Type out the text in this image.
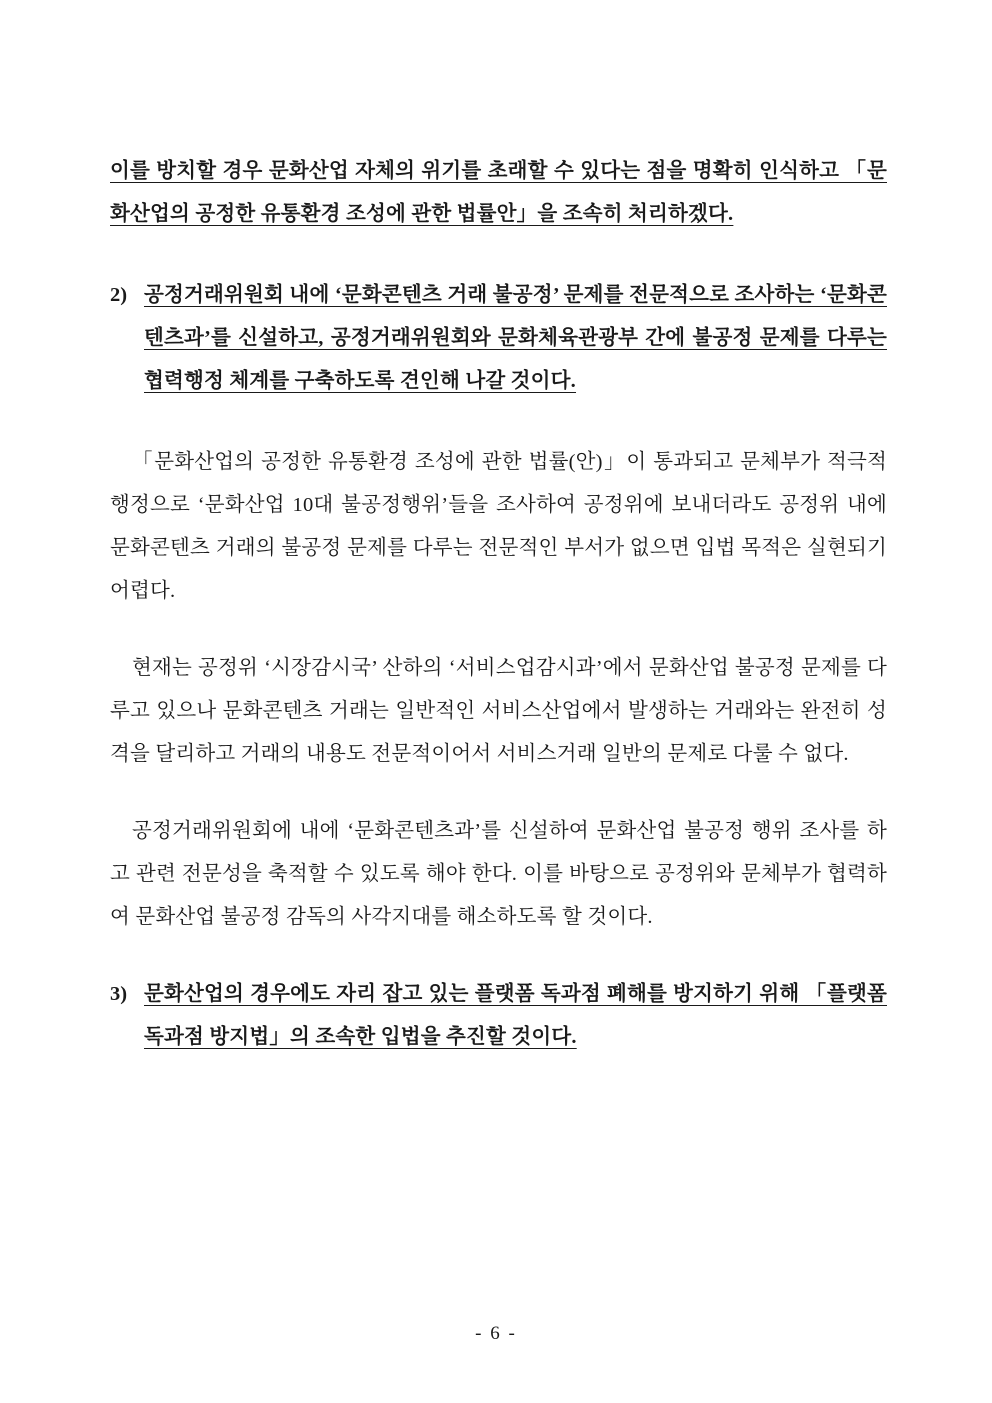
이를 방치할 경우 문화산업 자체의 위기를 초래할 수 있다는 점을 명확히 인식하고 「문화산업의 공정한 유통환경 조성에 관한 법률안」을 조속히 처리하겠다.

2) 공정거래위원회 내에 ‘문화콘텐츠 거래 불공정’ 문제를 전문적으로 조사하는 ‘문화콘텐츠과’를 신설하고, 공정거래위원회와 문화체육관광부 간에 불공정 문제를 다루는 협력행정 체계를 구축하도록 견인해 나갈 것이다.

「문화산업의 공정한 유통환경 조성에 관한 법률(안)」이 통과되고 문체부가 적극적 행정으로 ‘문화산업 10대 불공정행위’들을 조사하여 공정위에 보내더라도 공정위 내에 문화콘텐츠 거래의 불공정 문제를 다루는 전문적인 부서가 없으면 입법 목적은 실현되기 어렵다.

현재는 공정위 ‘시장감시국’ 산하의 ‘서비스업감시과’에서 문화산업 불공정 문제를 다루고 있으나 문화콘텐츠 거래는 일반적인 서비스산업에서 발생하는 거래와는 완전히 성격을 달리하고 거래의 내용도 전문적이어서 서비스거래 일반의 문제로 다룰 수 없다.

공정거래위원회에 내에 ‘문화콘텐츠과’를 신설하여 문화산업 불공정 행위 조사를 하고 관련 전문성을 축적할 수 있도록 해야 한다. 이를 바탕으로 공정위와 문체부가 협력하여 문화산업 불공정 감독의 사각지대를 해소하도록 할 것이다.

3) 문화산업의 경우에도 자리 잡고 있는 플랫폼 독과점 폐해를 방지하기 위해 「플랫폼 독과점 방지법」의 조속한 입법을 추진할 것이다.

- 6 -
